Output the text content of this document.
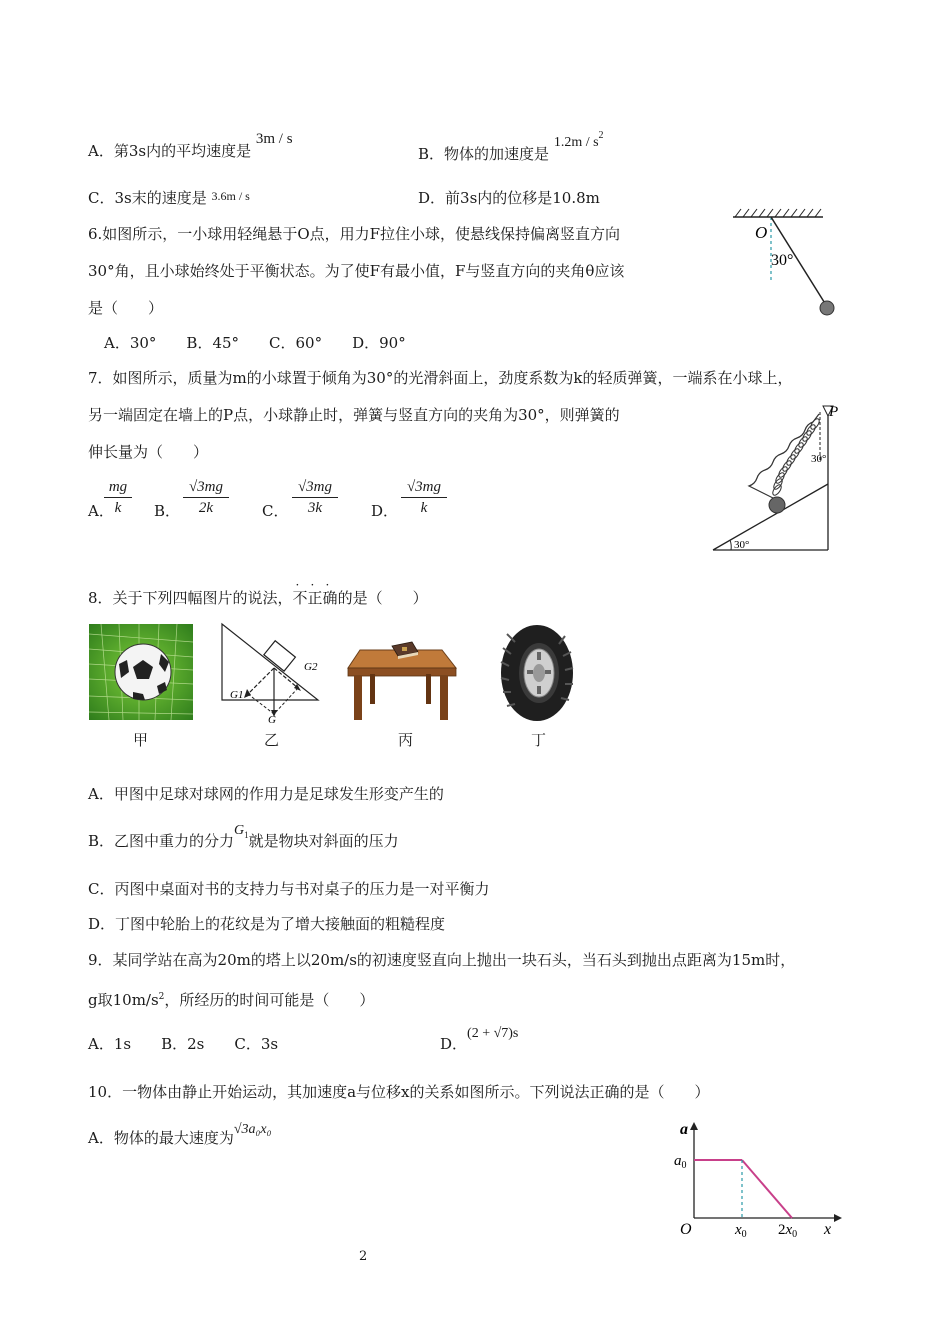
A．第3s内的平均速度是 3m / s
B．物体的加速度是 $1.2m / s^2$
C．3s末的速度是 $^{3.6m / s}$	D．前3s内的位移是10.8m
6.如图所示，一小球用轻绳悬于O点，用力F拉住小球，使悬线保持偏离竖直方向
30°角，且小球始终处于平衡状态。为了使F有最小值，F与竖直方向的夹角θ应该
是（　　）
A．30°　　B．45°　　C．60°　　D．90°
O
30°
7．如图所示，质量为m的小球置于倾角为30°的光滑斜面上，劲度系数为k的轻质弹簧，一端系在小球上，
另一端固定在墙上的P点，小球静止时，弹簧与竖直方向的夹角为30°，则弹簧的
伸长量为（　　）
A．
$\frac{mg}{k}$ B． $\frac{√3mg}{2k}$ C． $\frac{√3mg}{3k}$ D． $\frac{√3mg}{k}$
P
30°
30°
8．关于下列四幅图片的说法，
· · ·
不正确的是（　　）
G2
G1
G
甲	乙	丙	丁
A．甲图中足球对球网的作用力是足球发生形变产生的
B．乙图中重力的分力$G^1$就是物块对斜面的压力
C．丙图中桌面对书的支持力与书对桌子的压力是一对平衡力
D．丁图中轮胎上的花纹是为了增大接触面的粗糙程度
9．某同学站在高为20m的塔上以20m/s的初速度竖直向上抛出一块石头，当石头到抛出点距离为15m时，
g取$10m/s^2$，所经历的时间可能是（　　）
A．1s　　B．2s　　C．3s	D．(2 + √7)s
10．一物体由静止开始运动，其加速度a与位移x的关系如图所示。下列说法正确的是（　　）
A．物体的最大速度为√3a₀x₀	a
x
O
$a_0$
$x_0$ $2x_0$
2
